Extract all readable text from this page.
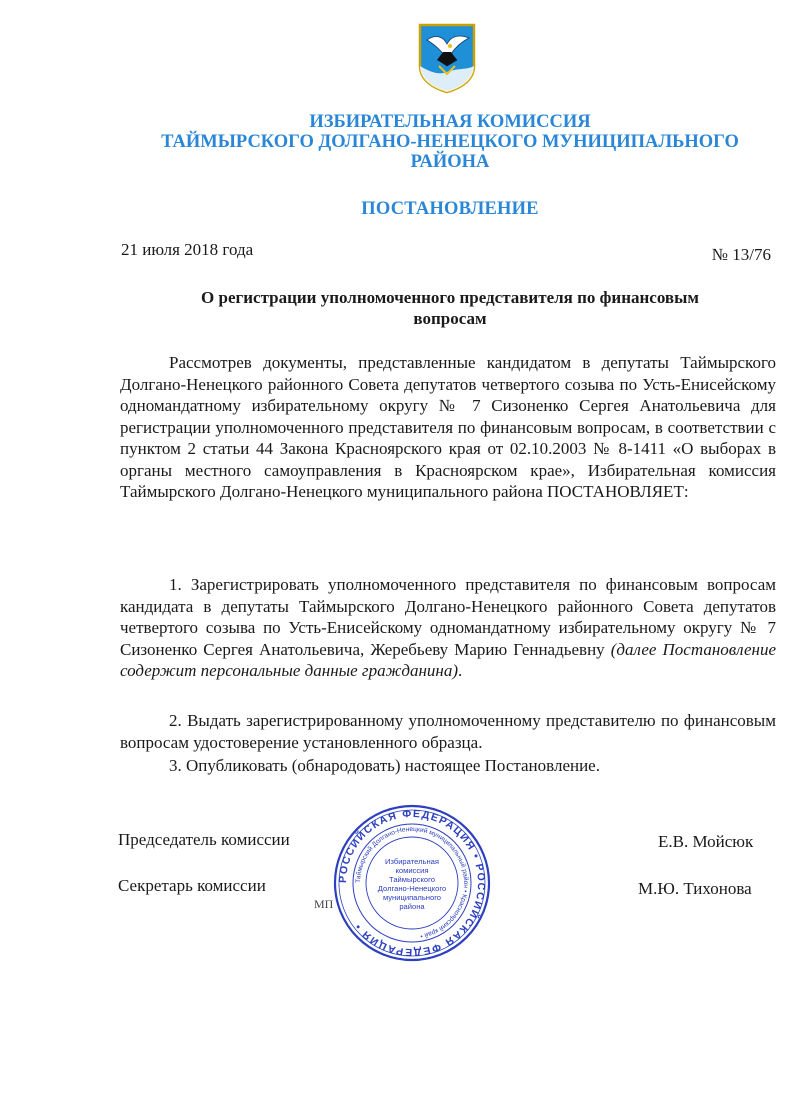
ИЗБИРАТЕЛЬНАЯ КОМИССИЯ
ТАЙМЫРСКОГО ДОЛГАНО-НЕНЕЦКОГО МУНИЦИПАЛЬНОГО
РАЙОНА
ПОСТАНОВЛЕНИЕ
21 июля 2018 года	№ 13/76
О регистрации уполномоченного представителя по финансовым
вопросам
Рассмотрев документы, представленные кандидатом в депутаты Таймырского Долгано-Ненецкого районного Совета депутатов четвертого созыва по Усть-Енисейскому одномандатному избирательному округу № 7 Сизоненко Сергея Анатольевича для регистрации уполномоченного представителя по финансовым вопросам, в соответствии с пунктом 2 статьи 44 Закона Красноярского края от 02.10.2003 № 8-1411 «О выборах в органы местного самоуправления в Красноярском крае», Избирательная комиссия Таймырского Долгано-Ненецкого муниципального района ПОСТАНОВЛЯЕТ:
1. Зарегистрировать уполномоченного представителя по финансовым вопросам кандидата в депутаты Таймырского Долгано-Ненецкого районного Совета депутатов четвертого созыва по Усть-Енисейскому одномандатному избирательному округу № 7 Сизоненко Сергея Анатольевича, Жеребьеву Марию Геннадьевну (далее Постановление содержит персональные данные гражданина).
2. Выдать зарегистрированному уполномоченному представителю по финансовым вопросам удостоверение установленного образца.
3. Опубликовать (обнародовать) настоящее Постановление.
Председатель комиссии	Е.В. Мойсюк
Секретарь комиссии	М.Ю. Тихонова
МП
РОССИЙСКАЯ ФЕДЕРАЦИЯ • РОССИЙСКАЯ ФЕДЕРАЦИЯ •
Таймырский Долгано-Ненецкий муниципальный район • Красноярский край •
Избирательная
комиссия
Таймырского
Долгано-Ненецкого
муниципального
района
